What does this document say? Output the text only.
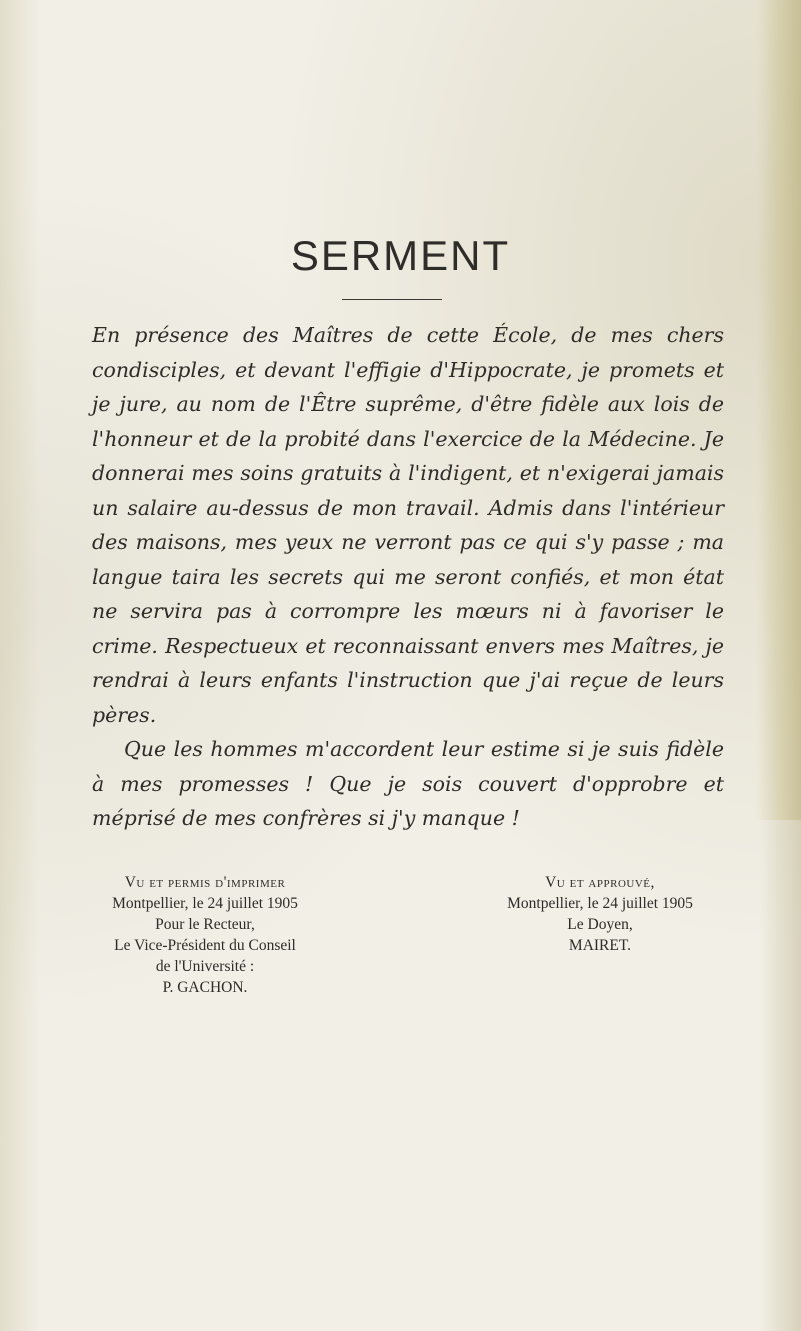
SERMENT

En présence des Maîtres de cette École, de mes chers condisciples, et devant l'effigie d'Hippocrate, je promets et je jure, au nom de l'Être suprême, d'être fidèle aux lois de l'honneur et de la probité dans l'exercice de la Médecine. Je donnerai mes soins gratuits à l'indigent, et n'exigerai jamais un salaire au-dessus de mon travail. Admis dans l'intérieur des maisons, mes yeux ne verront pas ce qui s'y passe ; ma langue taira les secrets qui me seront confiés, et mon état ne servira pas à corrompre les mœurs ni à favoriser le crime. Respectueux et reconnaissant envers mes Maîtres, je rendrai à leurs enfants l'instruction que j'ai reçue de leurs pères.

Que les hommes m'accordent leur estime si je suis fidèle à mes promesses ! Que je sois couvert d'opprobre et méprisé de mes confrères si j'y manque !

Vu et permis d'imprimer
Montpellier, le 24 juillet 1905
Pour le Recteur,
Le Vice-Président du Conseil
de l'Université :
P. GACHON.
Vu et approuvé,
Montpellier, le 24 juillet 1905
Le Doyen,
MAIRET.
